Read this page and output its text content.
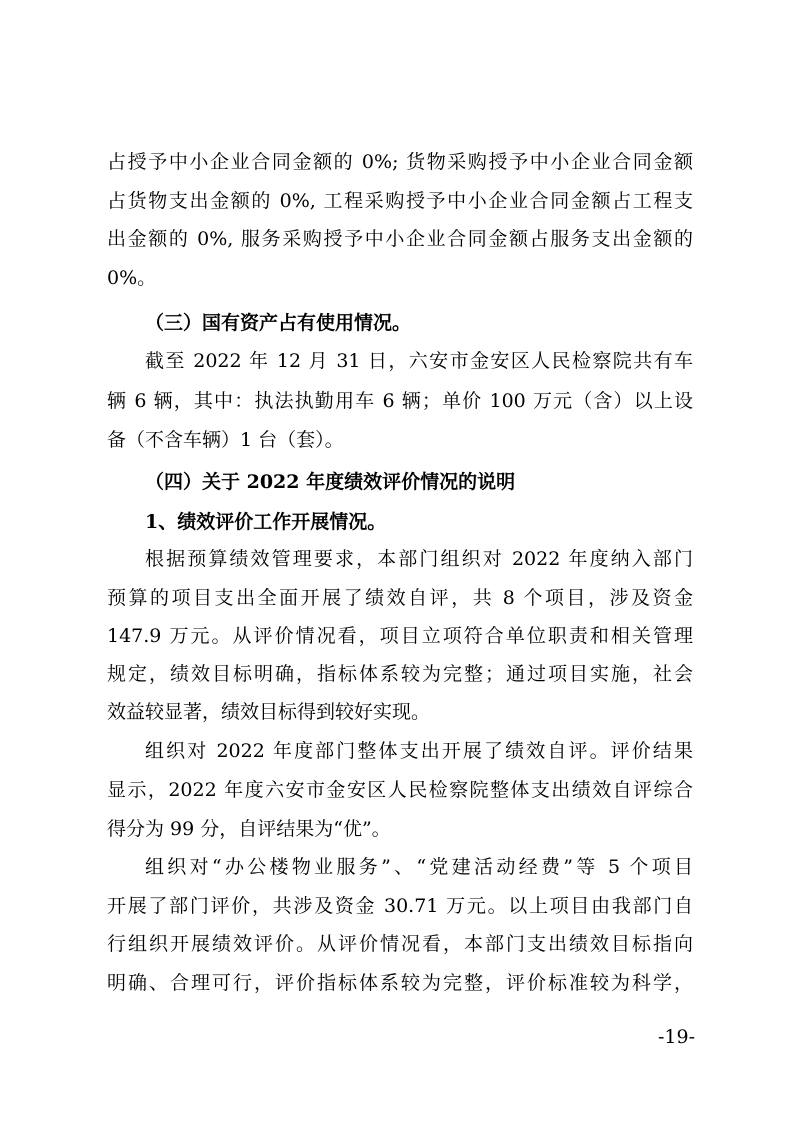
占授予中小企业合同金额的 0%; 货物采购授予中小企业合同金额
占货物支出金额的 0%, 工程采购授予中小企业合同金额占工程支
出金额的 0%, 服务采购授予中小企业合同金额占服务支出金额的
0%。
（三）国有资产占有使用情况。
截至 2022 年 12 月 31 日，六安市金安区人民检察院共有车
辆 6 辆，其中：执法执勤用车 6 辆；单价 100 万元（含）以上设
备（不含车辆）1 台（套）。
（四）关于 2022 年度绩效评价情况的说明
1、绩效评价工作开展情况。
根据预算绩效管理要求，本部门组织对 2022 年度纳入部门
预算的项目支出全面开展了绩效自评，共 8 个项目，涉及资金
147.9 万元。从评价情况看，项目立项符合单位职责和相关管理
规定，绩效目标明确，指标体系较为完整；通过项目实施，社会
效益较显著，绩效目标得到较好实现。
组织对 2022 年度部门整体支出开展了绩效自评。评价结果
显示，2022 年度六安市金安区人民检察院整体支出绩效自评综合
得分为 99 分，自评结果为“优”。
组织对“办公楼物业服务”、“党建活动经费”等 5 个项目
开展了部门评价，共涉及资金 30.71 万元。以上项目由我部门自
行组织开展绩效评价。从评价情况看，本部门支出绩效目标指向
明确、合理可行，评价指标体系较为完整，评价标准较为科学，
-19-
